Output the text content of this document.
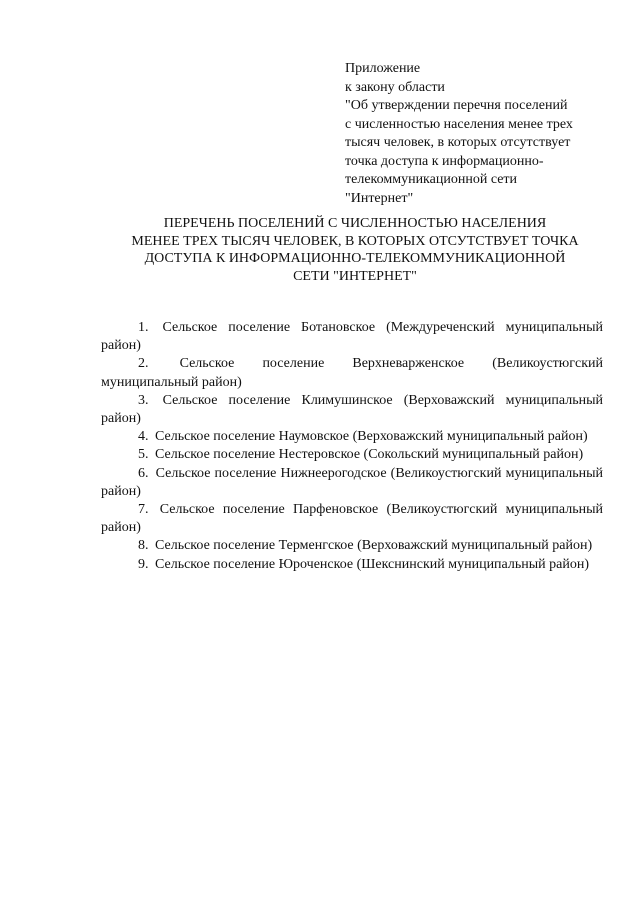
Приложение
к закону области
"Об утверждении перечня поселений
с численностью населения менее трех
тысяч человек, в которых отсутствует
точка доступа к информационно-
телекоммуникационной сети
"Интернет"
ПЕРЕЧЕНЬ ПОСЕЛЕНИЙ С ЧИСЛЕННОСТЬЮ НАСЕЛЕНИЯ
МЕНЕЕ ТРЕХ ТЫСЯЧ ЧЕЛОВЕК, В КОТОРЫХ ОТСУТСТВУЕТ ТОЧКА
ДОСТУПА К ИНФОРМАЦИОННО-ТЕЛЕКОММУНИКАЦИОННОЙ
СЕТИ "ИНТЕРНЕТ"
1. Сельское поселение Ботановское (Междуреченский муниципальный район)
2. Сельское поселение Верхневарженское (Великоустюгский муниципальный район)
3. Сельское поселение Климушинское (Верховажский муниципальный район)
4. Сельское поселение Наумовское (Верховажский муниципальный район)
5. Сельское поселение Нестеровское (Сокольский муниципальный район)
6. Сельское поселение Нижнеерогодское (Великоустюгский муниципальный район)
7. Сельское поселение Парфеновское (Великоустюгский муниципальный район)
8. Сельское поселение Терменгское (Верховажский муниципальный район)
9. Сельское поселение Юроченское (Шекснинский муниципальный район)
